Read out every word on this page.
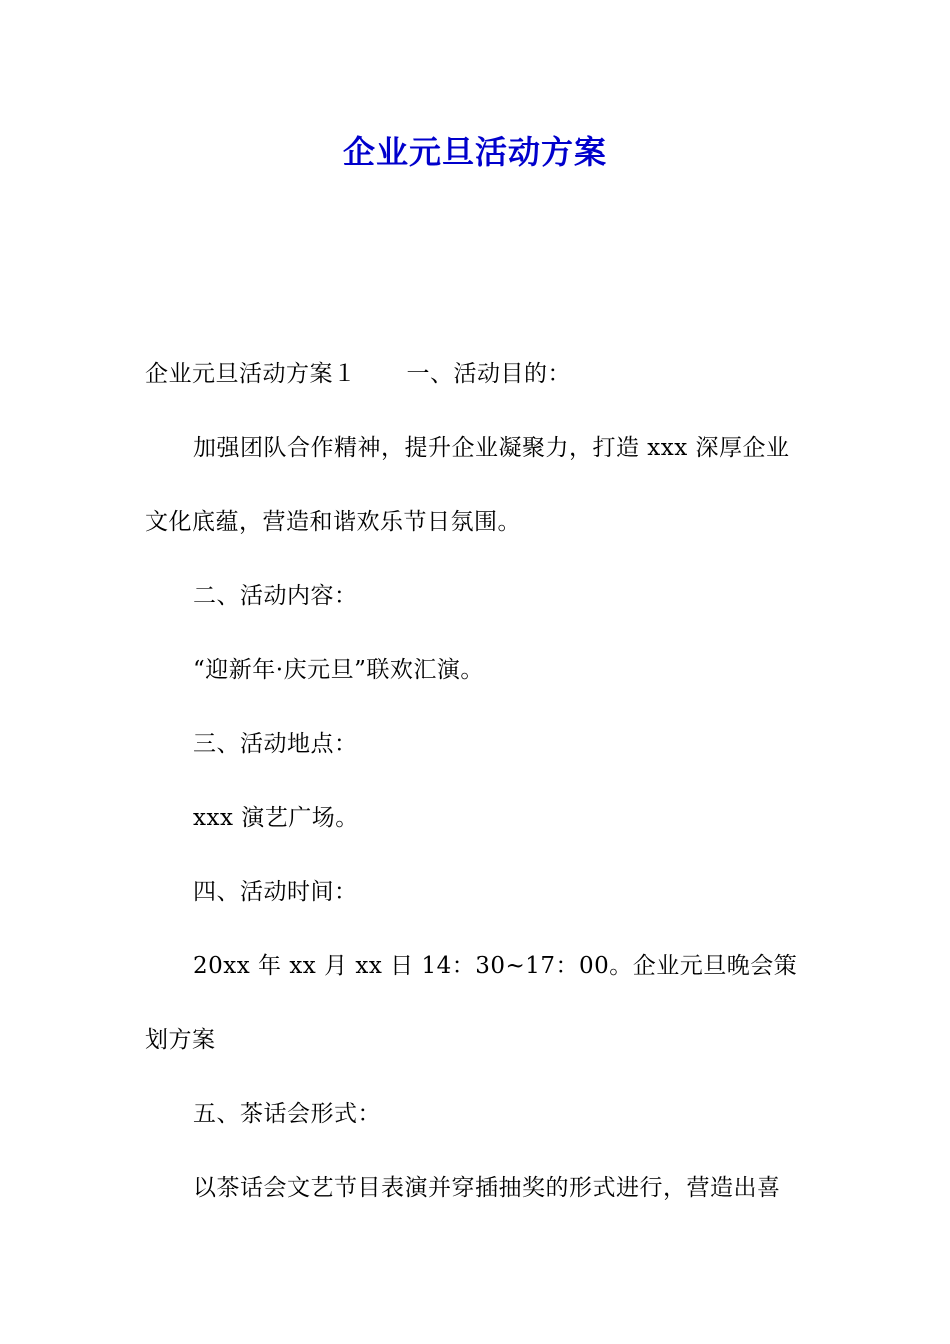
企业元旦活动方案

企业元旦活动方案１ 一、活动目的：

加强团队合作精神，提升企业凝聚力，打造 xxx 深厚企业文化底蕴，营造和谐欢乐节日氛围。

二、活动内容：

“迎新年·庆元旦”联欢汇演。

三、活动地点：

xxx 演艺广场。

四、活动时间：

20xx 年 xx 月 xx 日 14：30~17：00。企业元旦晚会策划方案

五、茶话会形式：

以茶话会文艺节目表演并穿插抽奖的形式进行，营造出喜
